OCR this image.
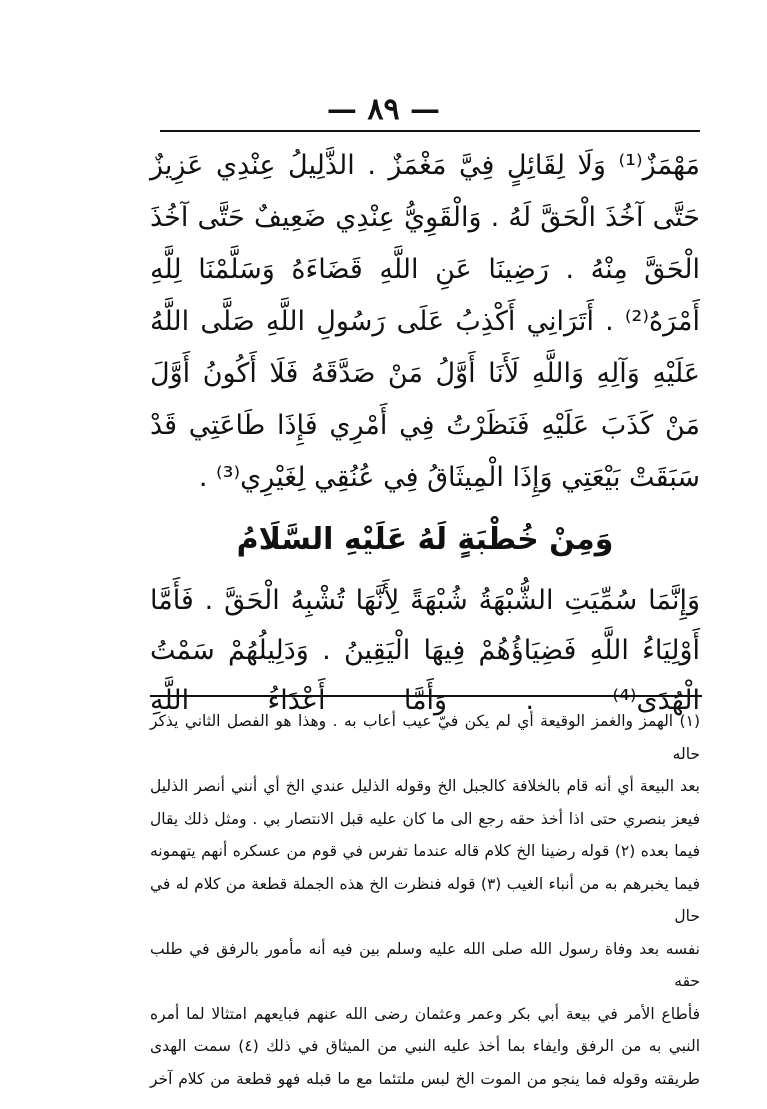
— ٨٩ —

مَهْمَزٌ⁽¹⁾ وَلَا لِقَائِلٍ فِيَّ مَغْمَزٌ . الذَّلِيلُ عِنْدِي عَزِيزٌ حَتَّى آخُذَ الْحَقَّ لَهُ . وَالْقَوِيُّ عِنْدِي ضَعِيفٌ حَتَّى آخُذَ الْحَقَّ مِنْهُ . رَضِينَا عَنِ اللَّهِ قَضَاءَهُ وَسَلَّمْنَا لِلَّهِ أَمْرَهُ⁽²⁾ . أَتَرَانِي أَكْذِبُ عَلَى رَسُولِ اللَّهِ صَلَّى اللَّهُ عَلَيْهِ وَآلِهِ وَاللَّهِ لَأَنَا أَوَّلُ مَنْ صَدَّقَهُ فَلَا أَكُونُ أَوَّلَ مَنْ كَذَبَ عَلَيْهِ فَنَظَرْتُ فِي أَمْرِي فَإِذَا طَاعَتِي قَدْ سَبَقَتْ بَيْعَتِي وَإِذَا الْمِيثَاقُ فِي عُنُقِي لِغَيْرِي⁽³⁾ .

وَمِنْ خُطْبَةٍ لَهُ عَلَيْهِ السَّلَامُ

وَإِنَّمَا سُمِّيَتِ الشُّبْهَةُ شُبْهَةً لِأَنَّهَا تُشْبِهُ الْحَقَّ . فَأَمَّا أَوْلِيَاءُ اللَّهِ فَضِيَاؤُهُمْ فِيهَا الْيَقِينُ . وَدَلِيلُهُمْ سَمْتُ الْهُدَى⁽⁴⁾ . وَأَمَّا أَعْدَاءُ اللَّهِ

(١) الهمز والغمز الوقيعة أي لم يكن فيّ عيب أعاب به . وهذا هو الفصل الثاني يذكر حاله

بعد البيعة أي أنه قام بالخلافة كالجبل الخ وقوله الذليل عندي الخ أي أنني أنصر الذليل

فيعز بنصري حتى اذا أخذ حقه رجع الى ما كان عليه قبل الانتصار بي . ومثل ذلك يقال

فيما بعده (٢) قوله رضينا الخ كلام قاله عندما تفرس في قوم من عسكره أنهم يتهمونه

فيما يخبرهم به من أنباء الغيب (٣) قوله فنظرت الخ هذه الجملة قطعة من كلام له في حال

نفسه بعد وفاة رسول الله صلى الله عليه وسلم بين فيه أنه مأمور بالرفق في طلب حقه

فأطاع الأمر في بيعة أبي بكر وعمر وعثمان رضى الله عنهم فبايعهم امتثالا لما أمره

النبي به من الرفق وايفاء بما أخذ عليه النبي من الميثاق في ذلك (٤) سمت الهدى

طريقته وقوله فما ينجو من الموت الخ لبس ملتئما مع ما قبله فهو قطعة من كلام آخر
